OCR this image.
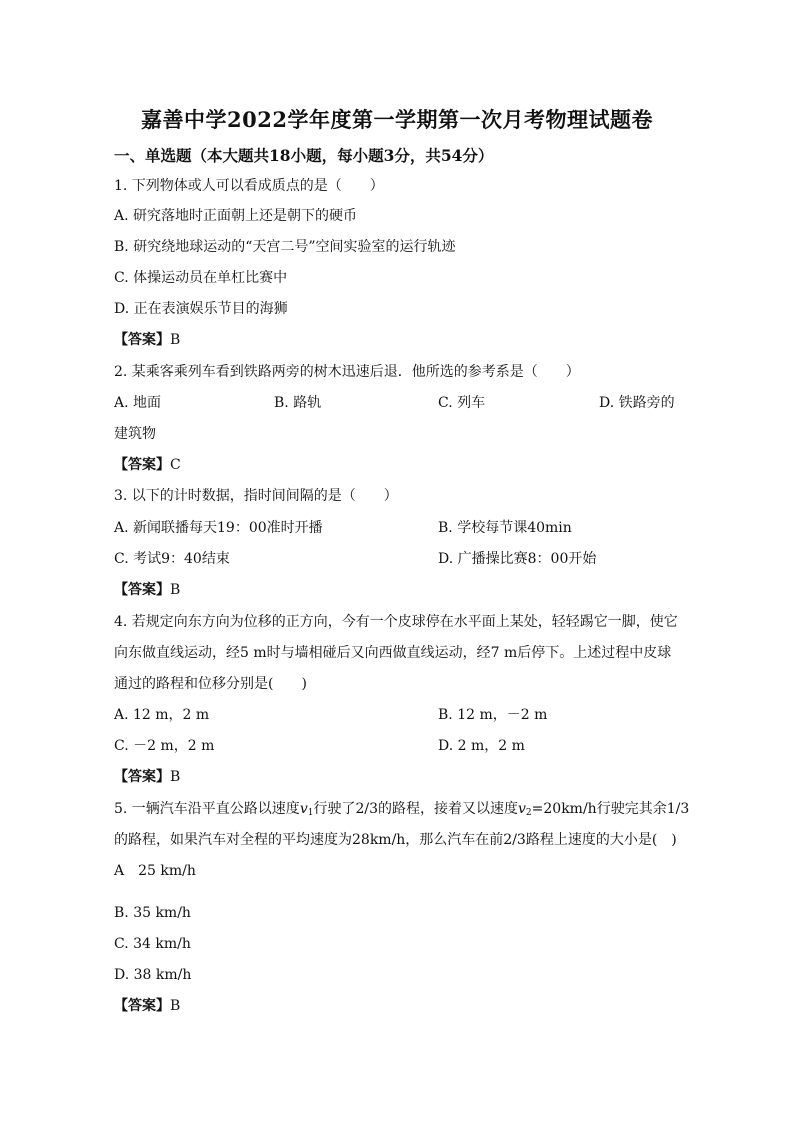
嘉善中学2022学年度第一学期第一次月考物理试题卷
一、单选题（本大题共18小题，每小题3分，共54分）
1. 下列物体或人可以看成质点的是（　　）
A. 研究落地时正面朝上还是朝下的硬币
B. 研究绕地球运动的“天宫二号”空间实验室的运行轨迹
C. 体操运动员在单杠比赛中
D. 正在表演娱乐节目的海狮
【答案】B
2. 某乘客乘列车看到铁路两旁的树木迅速后退．他所选的参考系是（　　）
A. 地面	B. 路轨	C. 列车	D. 铁路旁的
建筑物
【答案】C
3. 以下的计时数据，指时间间隔的是（　　）
A. 新闻联播每天19：00准时开播	B. 学校每节课40min
C. 考试9：40结束	D. 广播操比赛8：00开始
【答案】B
4. 若规定向东方向为位移的正方向，今有一个皮球停在水平面上某处，轻轻踢它一脚，使它
向东做直线运动，经5 m时与墙相碰后又向西做直线运动，经7 m后停下。上述过程中皮球
通过的路程和位移分别是(　　)
A. 12 m，2 m	B. 12 m，－2 m
C. －2 m，2 m	D. 2 m，2 m
【答案】B
5. 一辆汽车沿平直公路以速度$v_1$行驶了2/3的路程，接着又以速度$v_2=20km/h$行驶完其余1/3
的路程，如果汽车对全程的平均速度为28km/h，那么汽车在前2/3路程上速度的大小是(　)
A　25 km/h
B. 35 km/h
C. 34 km/h
D. 38 km/h
【答案】B
